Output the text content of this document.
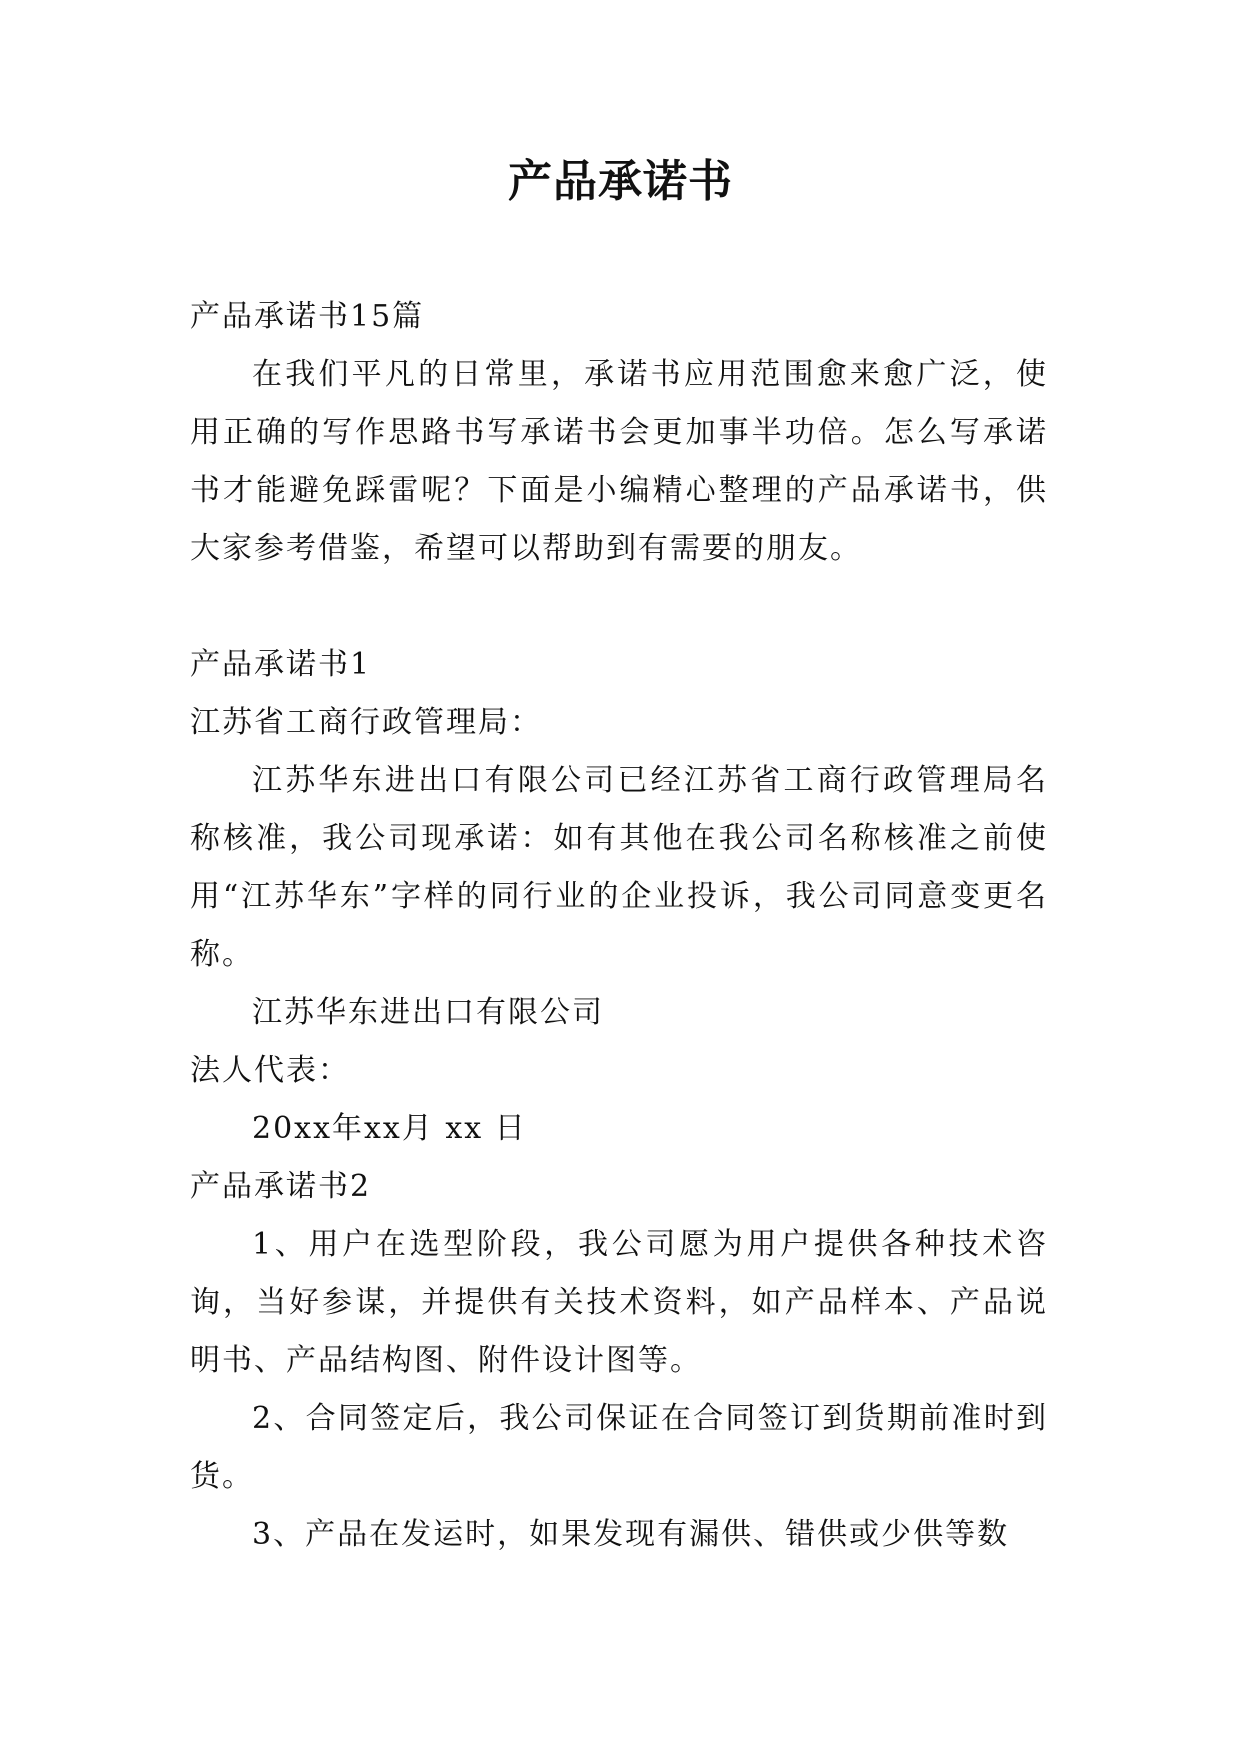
产品承诺书

产品承诺书15篇

在我们平凡的日常里，承诺书应用范围愈来愈广泛，使用正确的写作思路书写承诺书会更加事半功倍。怎么写承诺书才能避免踩雷呢？下面是小编精心整理的产品承诺书，供大家参考借鉴，希望可以帮助到有需要的朋友。

产品承诺书1

江苏省工商行政管理局：

江苏华东进出口有限公司已经江苏省工商行政管理局名称核准，我公司现承诺：如有其他在我公司名称核准之前使用“江苏华东”字样的同行业的企业投诉，我公司同意变更名称。

江苏华东进出口有限公司

法人代表：

20xx年xx月 xx 日

产品承诺书2

1、用户在选型阶段，我公司愿为用户提供各种技术咨询，当好参谋，并提供有关技术资料，如产品样本、产品说明书、产品结构图、附件设计图等。

2、合同签定后，我公司保证在合同签订到货期前准时到货。

3、产品在发运时，如果发现有漏供、错供或少供等数
